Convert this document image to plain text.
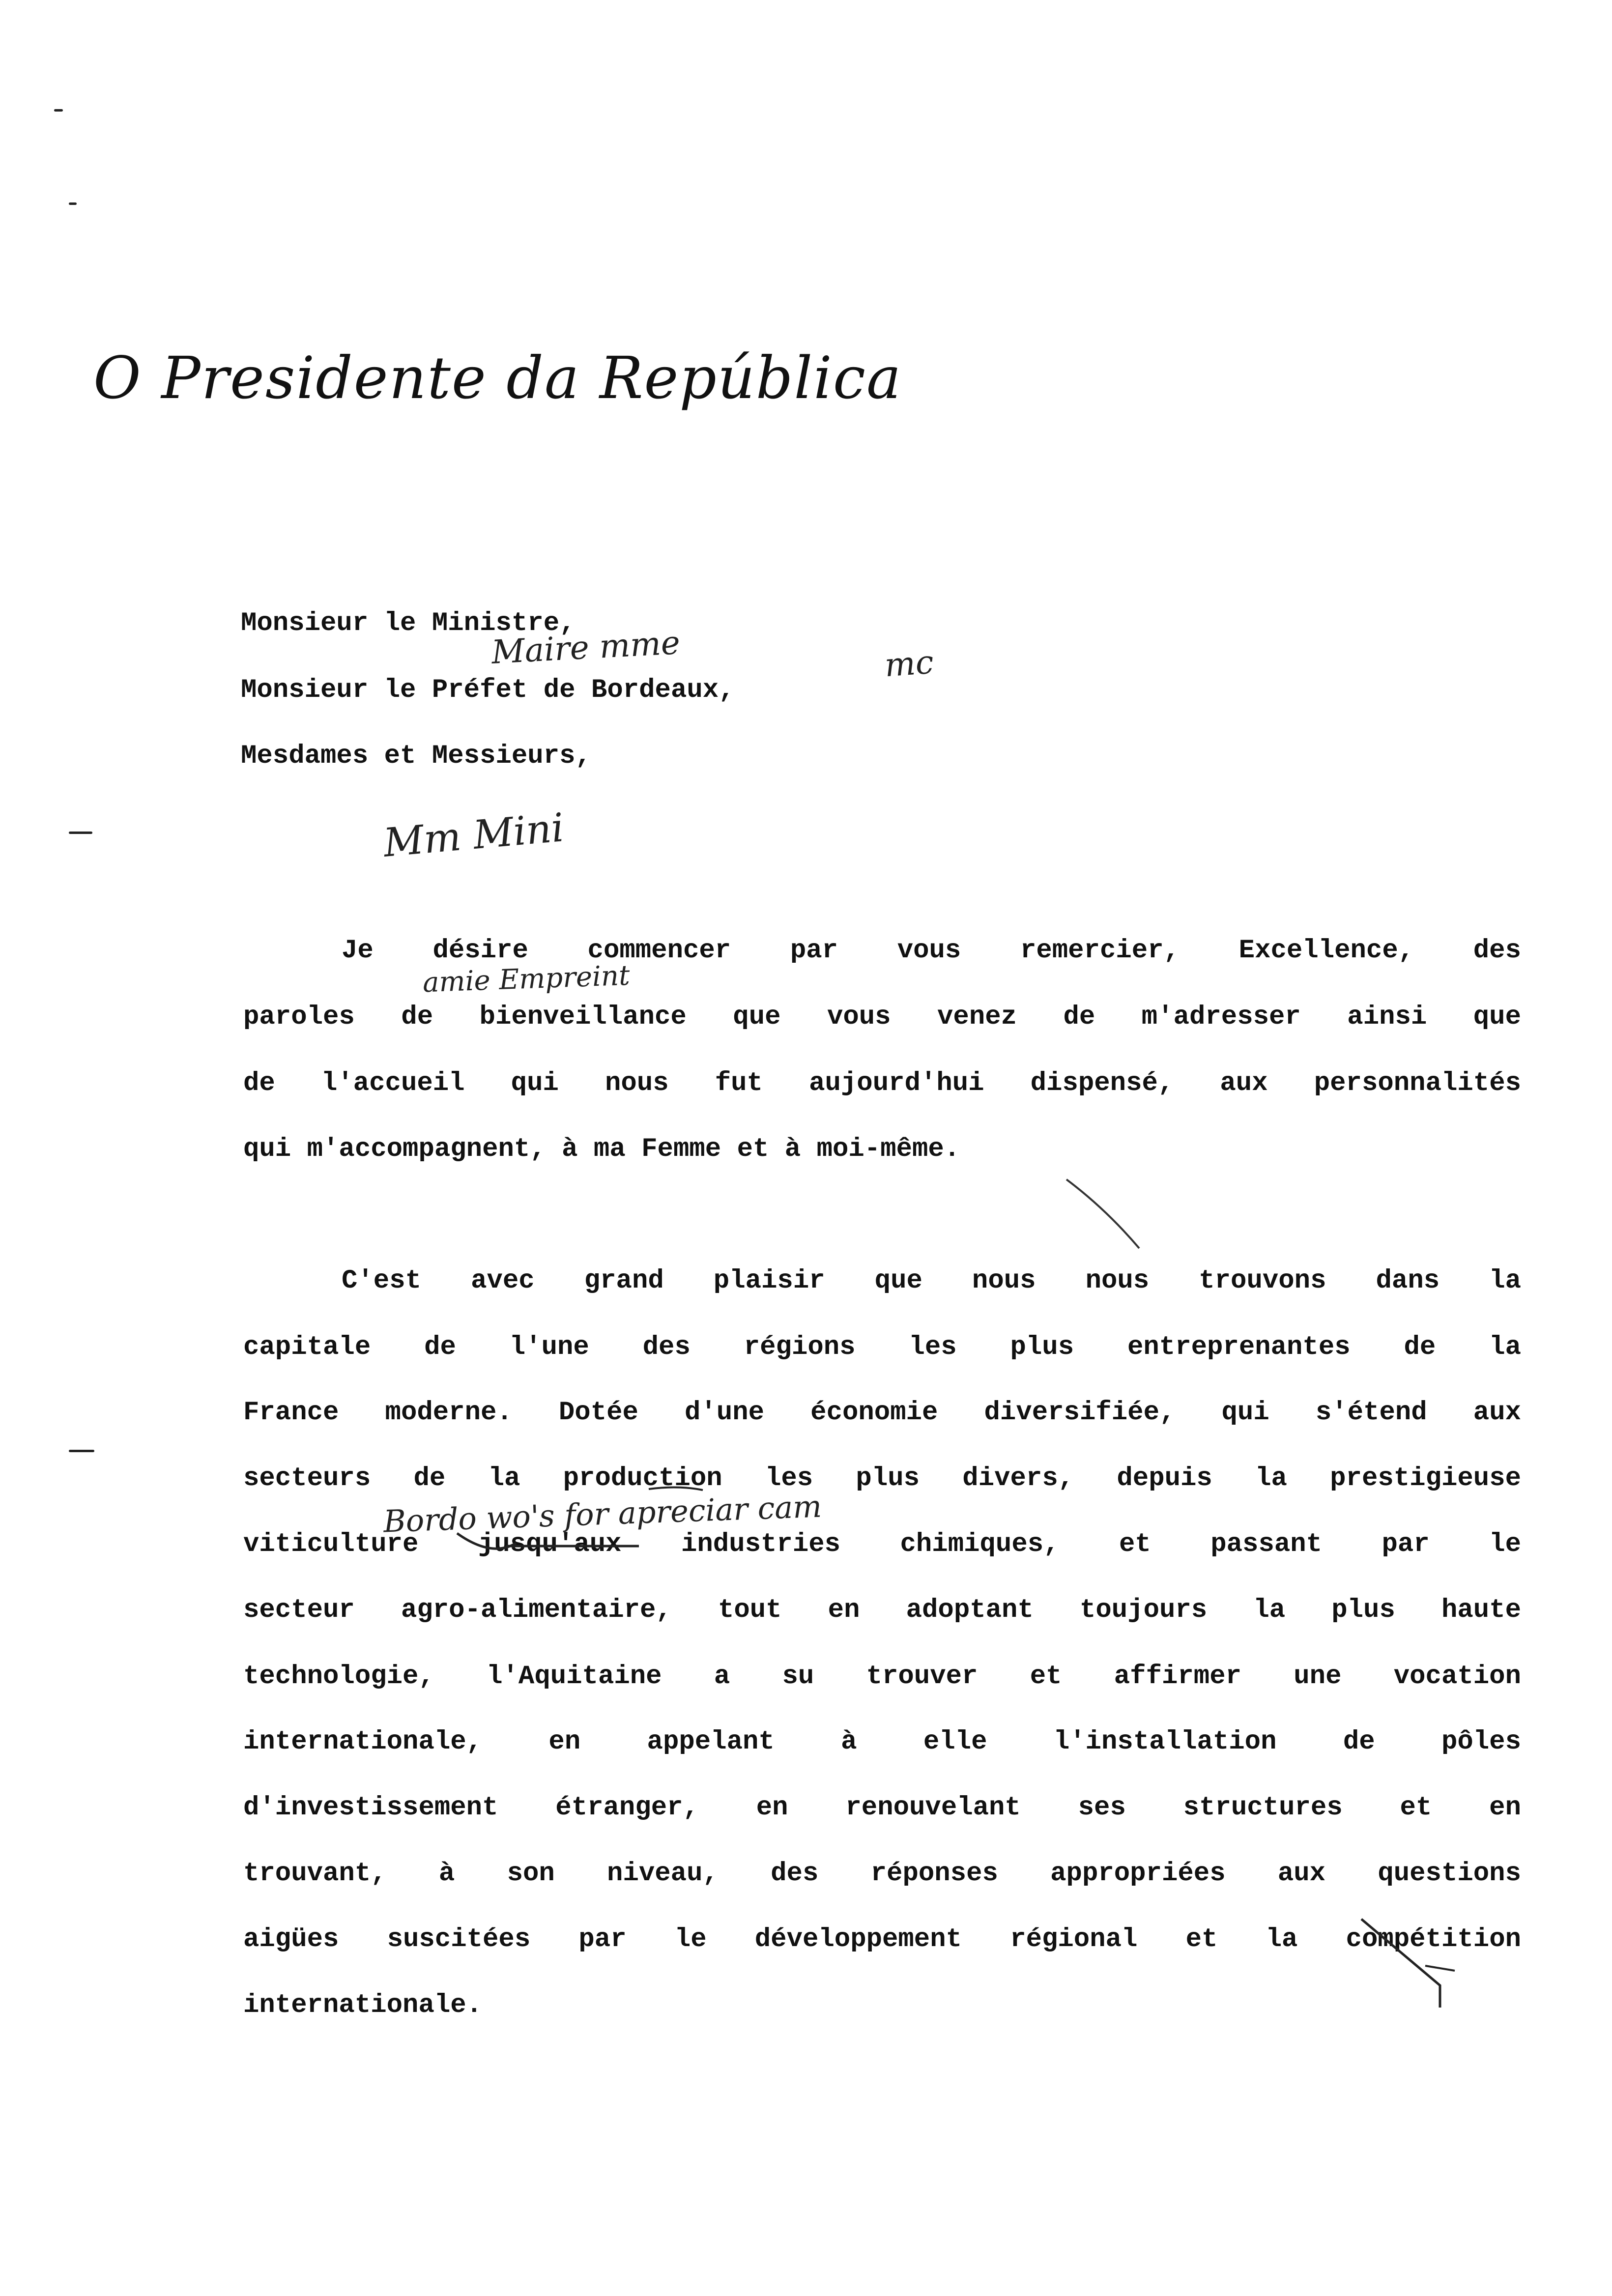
O Presidente da República
Monsieur le Ministre,
Monsieur le Préfet de Bordeaux,
Mesdames et Messieurs,
Maire mme	mc
Mm Mini
amie Empreint
Bordo wo's for apreciar cam
Je désire commencer par vous remercier, Excellence, des
paroles de bienveillance que vous venez de m'adresser ainsi que
de l'accueil qui nous fut aujourd'hui dispensé, aux personnalités
qui m'accompagnent, à ma Femme et à moi-même.
C'est avec grand plaisir que nous nous trouvons dans la
capitale de l'une des régions les plus entreprenantes de la
France moderne. Dotée d'une économie diversifiée, qui s'étend aux
secteurs de la production les plus divers, depuis la prestigieuse
viticulture jusqu'aux industries chimiques, et passant par le
secteur agro-alimentaire, tout en adoptant toujours la plus haute
technologie, l'Aquitaine a su trouver et affirmer une vocation
internationale, en appelant à elle l'installation de pôles
d'investissement étranger, en renouvelant ses structures et en
trouvant, à son niveau, des réponses appropriées aux questions
aigües suscitées par le développement régional et la compétition
internationale.
